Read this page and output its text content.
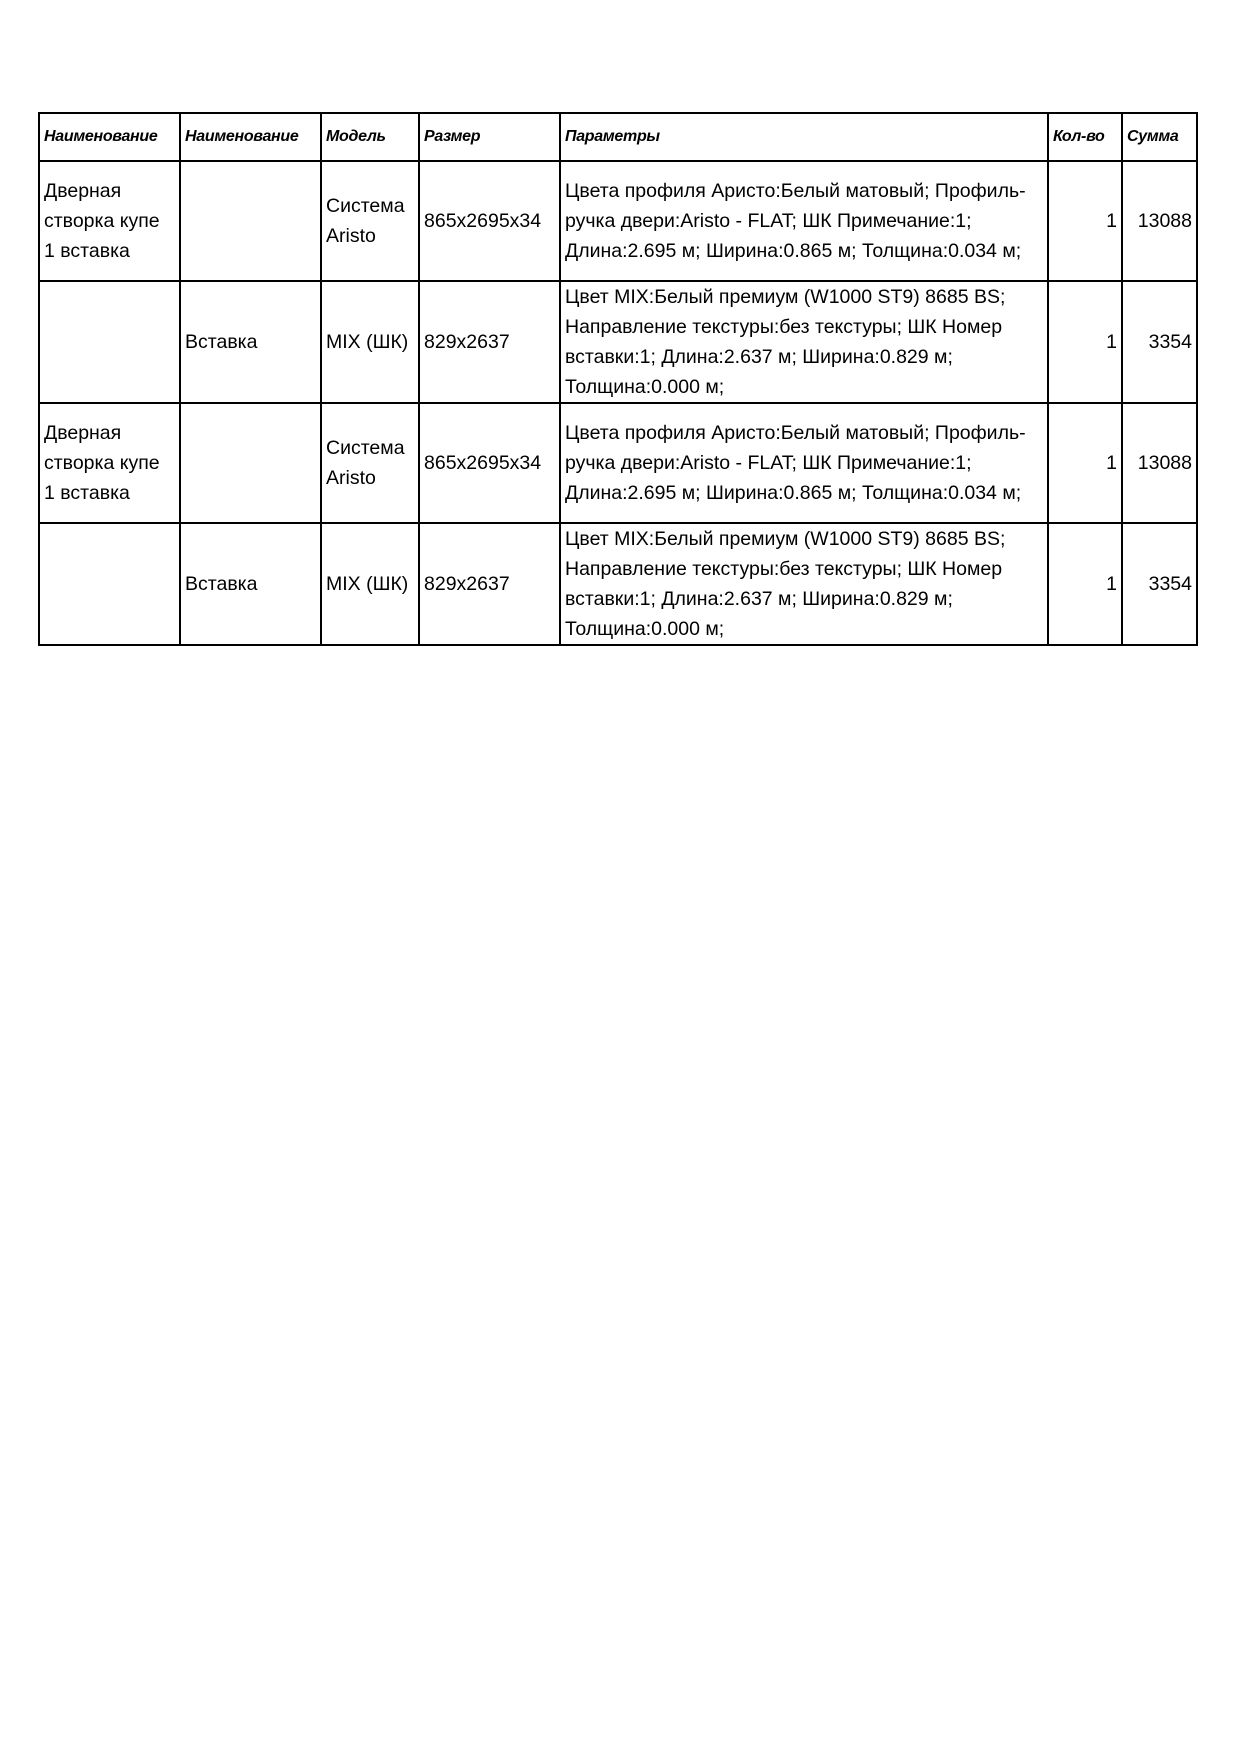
Наименование	Наименование	Модель	Размер	Параметры	Кол-во	Сумма
Дверная створка купе 1 вставка		Система Aristo	865x2695x34	Цвета профиля Аристо:Белый матовый; Профиль-ручка двери:Aristo - FLAT; ШК Примечание:1; Длина:2.695 м; Ширина:0.865 м; Толщина:0.034 м;	1	13088
	Вставка	MIX (ШК)	829x2637	Цвет MIX:Белый премиум (W1000 ST9) 8685 BS; Направление текстуры:без текстуры; ШК Номер вставки:1; Длина:2.637 м; Ширина:0.829 м; Толщина:0.000 м;	1	3354
Дверная створка купе 1 вставка		Система Aristo	865x2695x34	Цвета профиля Аристо:Белый матовый; Профиль-ручка двери:Aristo - FLAT; ШК Примечание:1; Длина:2.695 м; Ширина:0.865 м; Толщина:0.034 м;	1	13088
	Вставка	MIX (ШК)	829x2637	Цвет MIX:Белый премиум (W1000 ST9) 8685 BS; Направление текстуры:без текстуры; ШК Номер вставки:1; Длина:2.637 м; Ширина:0.829 м; Толщина:0.000 м;	1	3354
